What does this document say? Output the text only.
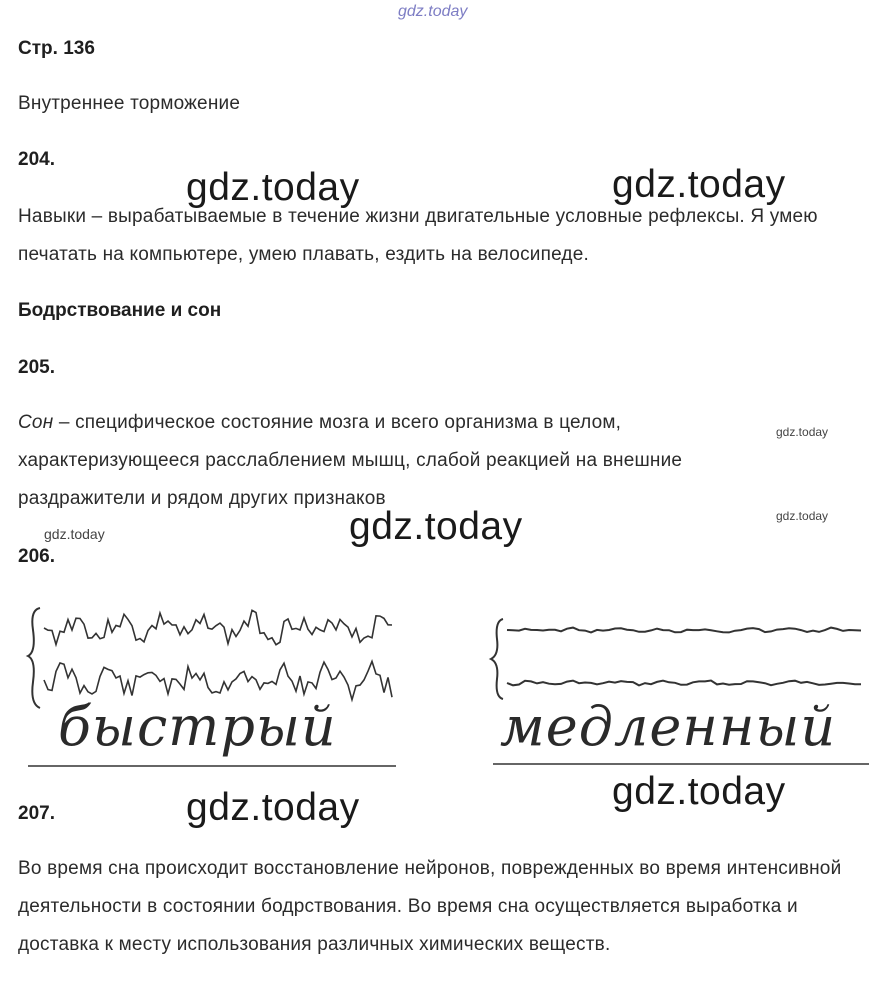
gdz.today
Стр. 136
Внутреннее торможение
204.
gdz.today	gdz.today
Навыки – вырабатываемые в течение жизни двигательные условные рефлексы. Я умею печатать на компьютере, умею плавать, ездить на велосипеде.
Бодрствование и сон
205.
Сон – специфическое состояние мозга и всего организма в целом, характеризующееся расслаблением мышц, слабой реакцией на внешние раздражители и рядом других признаков
gdz.today
gdz.today
gdz.today	gdz.today
206.
быстрый	медленный
gdz.today	gdz.today
207.
Во время сна происходит восстановление нейронов, поврежденных во время интенсивной деятельности в состоянии бодрствования. Во время сна осуществляется выработка и доставка к месту использования различных химических веществ.
